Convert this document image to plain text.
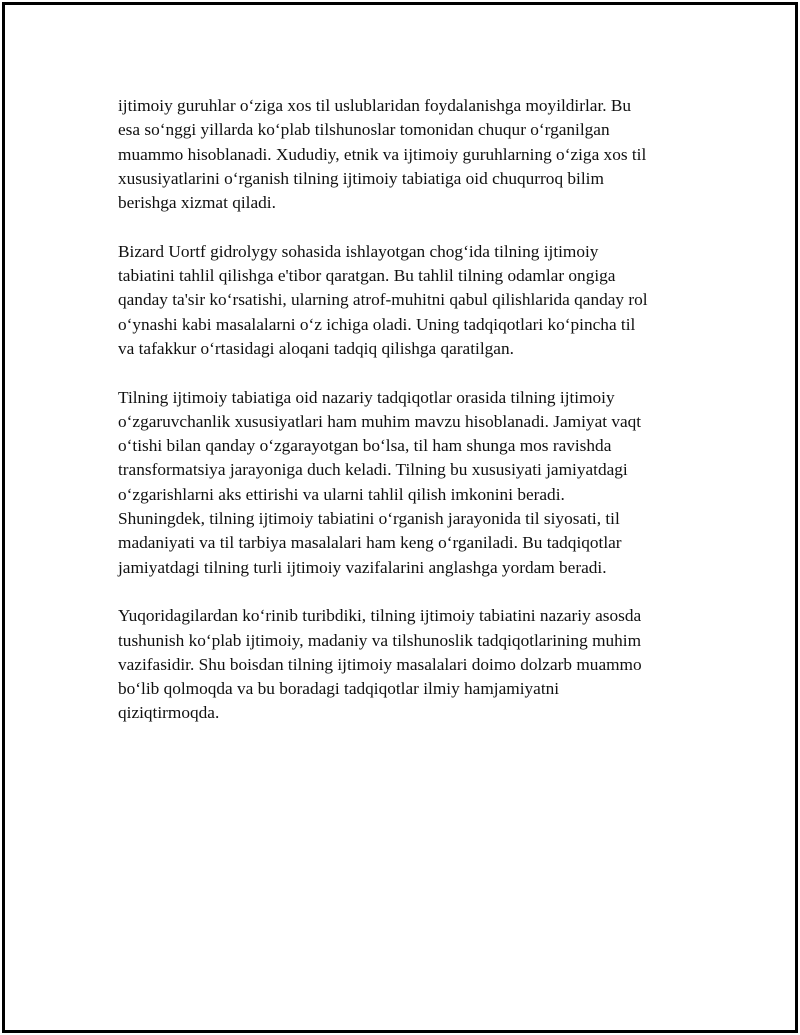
ijtimoiy guruhlar o‘ziga xos til uslublaridan foydalanishga moyildirlar. Bu
esa so‘nggi yillarda ko‘plab tilshunoslar tomonidan chuqur o‘rganilgan
muammo hisoblanadi. Xududiy, etnik va ijtimoiy guruhlarning o‘ziga xos til
xususiyatlarini o‘rganish tilning ijtimoiy tabiatiga oid chuqurroq bilim
berishga xizmat qiladi.

Bizard Uortf gidrolygy sohasida ishlayotgan chog‘ida tilning ijtimoiy
tabiatini tahlil qilishga e'tibor qaratgan. Bu tahlil tilning odamlar ongiga
qanday ta'sir ko‘rsatishi, ularning atrof-muhitni qabul qilishlarida qanday rol
o‘ynashi kabi masalalarni o‘z ichiga oladi. Uning tadqiqotlari ko‘pincha til
va tafakkur o‘rtasidagi aloqani tadqiq qilishga qaratilgan.

Tilning ijtimoiy tabiatiga oid nazariy tadqiqotlar orasida tilning ijtimoiy
o‘zgaruvchanlik xususiyatlari ham muhim mavzu hisoblanadi. Jamiyat vaqt
o‘tishi bilan qanday o‘zgarayotgan bo‘lsa, til ham shunga mos ravishda
transformatsiya jarayoniga duch keladi. Tilning bu xususiyati jamiyatdagi
o‘zgarishlarni aks ettirishi va ularni tahlil qilish imkonini beradi.
Shuningdek, tilning ijtimoiy tabiatini o‘rganish jarayonida til siyosati, til
madaniyati va til tarbiya masalalari ham keng o‘rganiladi. Bu tadqiqotlar
jamiyatdagi tilning turli ijtimoiy vazifalarini anglashga yordam beradi.

Yuqoridagilardan ko‘rinib turibdiki, tilning ijtimoiy tabiatini nazariy asosda
tushunish ko‘plab ijtimoiy, madaniy va tilshunoslik tadqiqotlarining muhim
vazifasidir. Shu boisdan tilning ijtimoiy masalalari doimo dolzarb muammo
bo‘lib qolmoqda va bu boradagi tadqiqotlar ilmiy hamjamiyatni
qiziqtirmoqda.
